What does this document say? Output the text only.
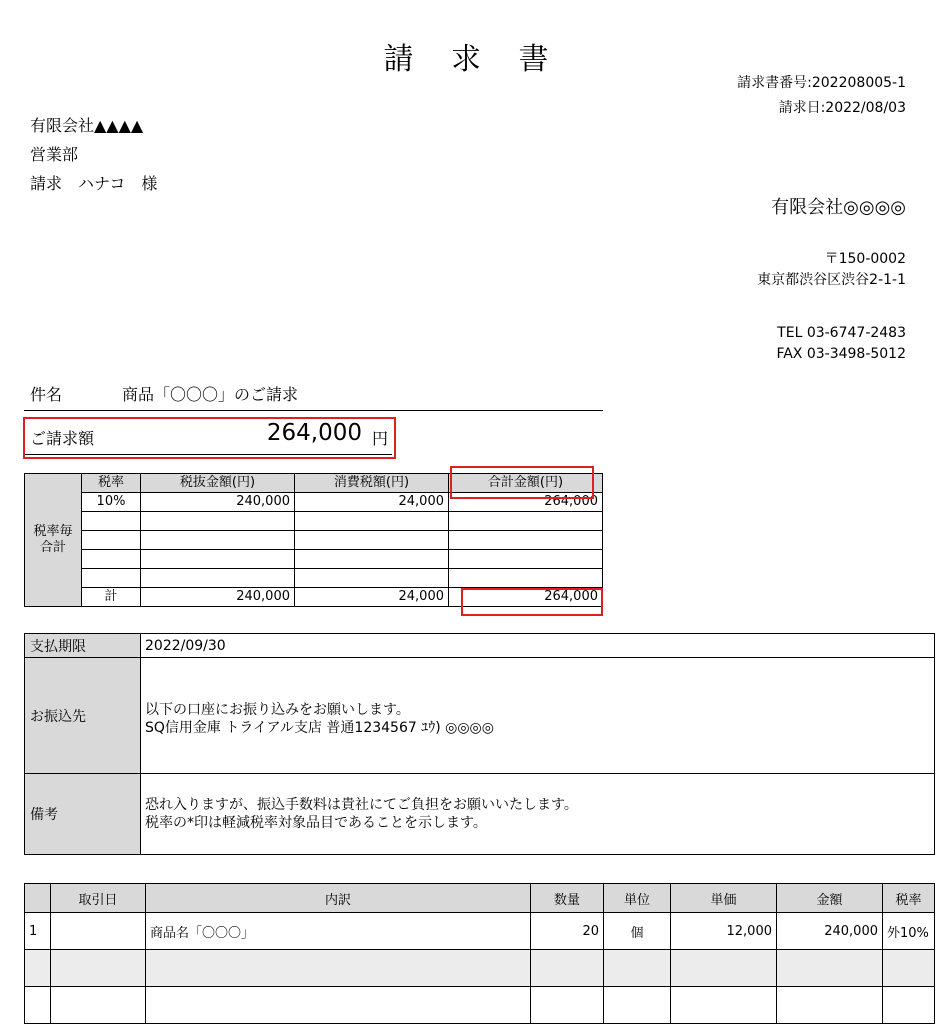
請 求 書
請求書番号:202208005-1
請求日:2022/08/03
有限会社▲▲▲▲
営業部
請求　ハナコ　様
有限会社◎◎◎◎
〒150-0002
東京都渋谷区渋谷2-1-1
TEL 03-6747-2483
FAX 03-3498-5012
件名	商品「〇〇〇」のご請求
ご請求額	264,000 円
税率毎
合計	税率	税抜金額(円)	消費税額(円)	合計金額(円)
	10%	240,000	24,000	264,000

	計	240,000	24,000	264,000
支払期限	2022/09/30
お振込先	以下の口座にお振り込みをお願いします。
SQ信用金庫 トライアル支店 普通1234567 ﾕｳ) ◎◎◎◎

備考	恐れ入りますが、振込手数料は貴社にてご負担をお願いいたします。
税率の*印は軽減税率対象品目であることを示します。
	取引日	内訳	数量	単位	単価	金額	税率
1		商品名「〇〇〇」	20	個	12,000	240,000	外10%
